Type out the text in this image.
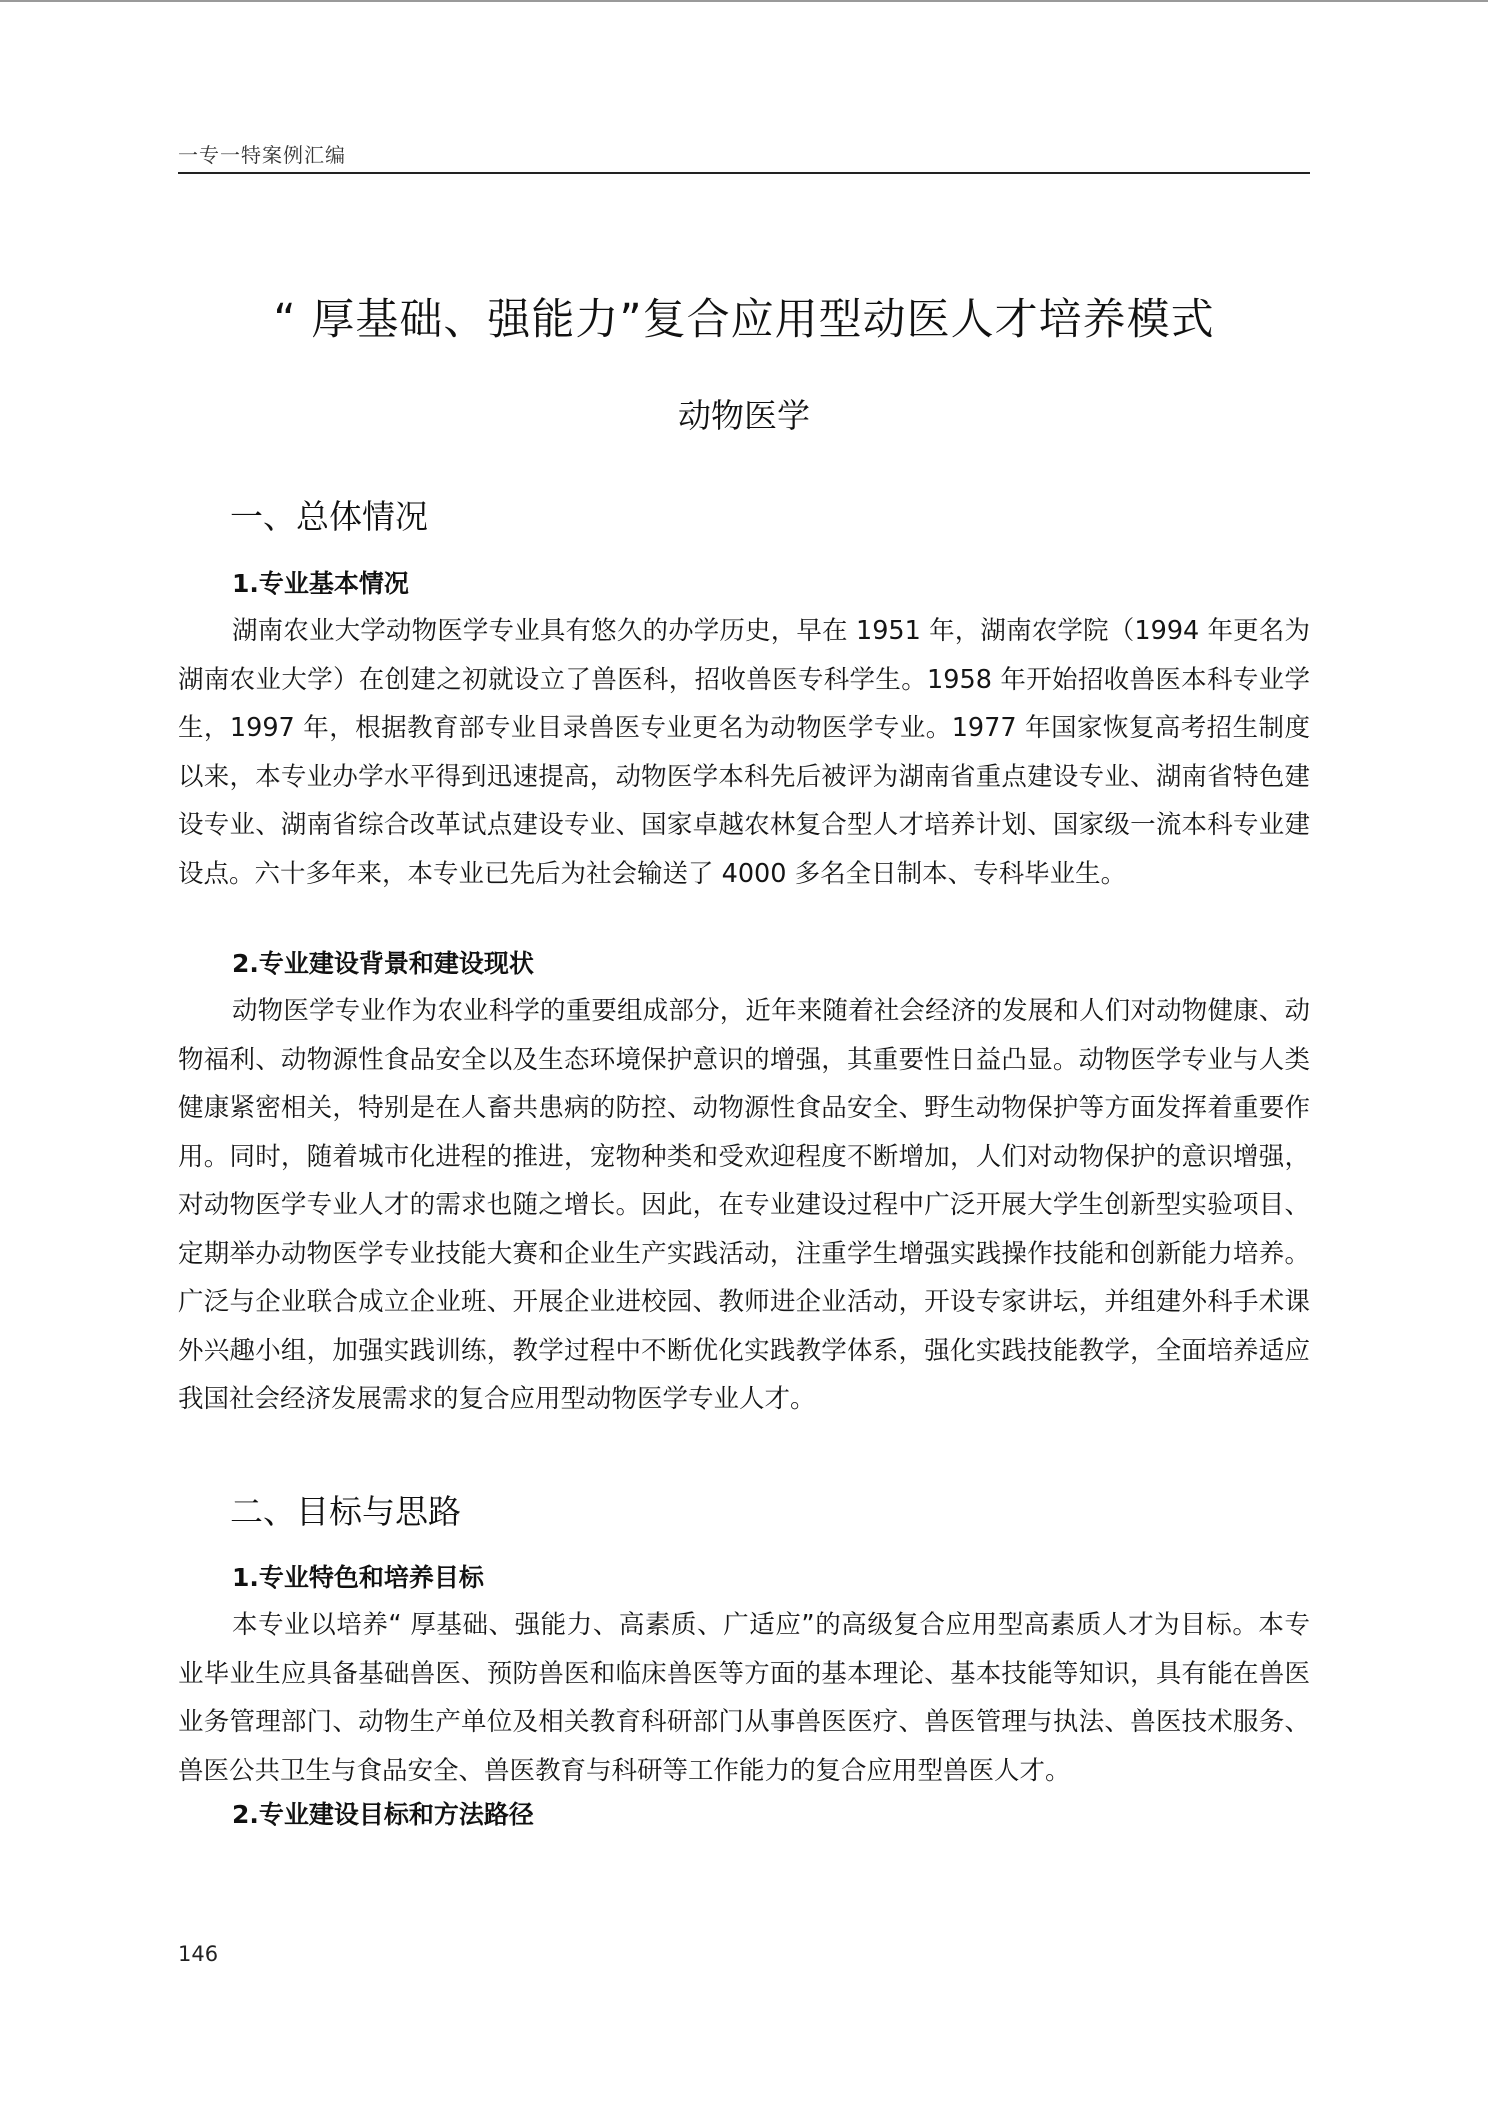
一专一特案例汇编
“ 厚基础、强能力”复合应用型动医人才培养模式
动物医学
一、总体情况
1.专业基本情况

湖南农业大学动物医学专业具有悠久的办学历史，早在 1951 年，湖南农学院（1994 年更名为湖南农业大学）在创建之初就设立了兽医科，招收兽医专科学生。1958 年开始招收兽医本科专业学生，1997 年，根据教育部专业目录兽医专业更名为动物医学专业。1977 年国家恢复高考招生制度以来，本专业办学水平得到迅速提高，动物医学本科先后被评为湖南省重点建设专业、湖南省特色建设专业、湖南省综合改革试点建设专业、国家卓越农林复合型人才培养计划、国家级一流本科专业建设点。六十多年来，本专业已先后为社会输送了 4000 多名全日制本、专科毕业生。

2.专业建设背景和建设现状

动物医学专业作为农业科学的重要组成部分，近年来随着社会经济的发展和人们对动物健康、动物福利、动物源性食品安全以及生态环境保护意识的增强，其重要性日益凸显。动物医学专业与人类健康紧密相关，特别是在人畜共患病的防控、动物源性食品安全、野生动物保护等方面发挥着重要作用。同时，随着城市化进程的推进，宠物种类和受欢迎程度不断增加，人们对动物保护的意识增强，对动物医学专业人才的需求也随之增长。因此，在专业建设过程中广泛开展大学生创新型实验项目、定期举办动物医学专业技能大赛和企业生产实践活动，注重学生增强实践操作技能和创新能力培养。广泛与企业联合成立企业班、开展企业进校园、教师进企业活动，开设专家讲坛，并组建外科手术课外兴趣小组，加强实践训练，教学过程中不断优化实践教学体系，强化实践技能教学，全面培养适应我国社会经济发展需求的复合应用型动物医学专业人才。

二、目标与思路
1.专业特色和培养目标

本专业以培养“ 厚基础、强能力、高素质、广适应”的高级复合应用型高素质人才为目标。本专业毕业生应具备基础兽医、预防兽医和临床兽医等方面的基本理论、基本技能等知识，具有能在兽医业务管理部门、动物生产单位及相关教育科研部门从事兽医医疗、兽医管理与执法、兽医技术服务、兽医公共卫生与食品安全、兽医教育与科研等工作能力的复合应用型兽医人才。

2.专业建设目标和方法路径
146
